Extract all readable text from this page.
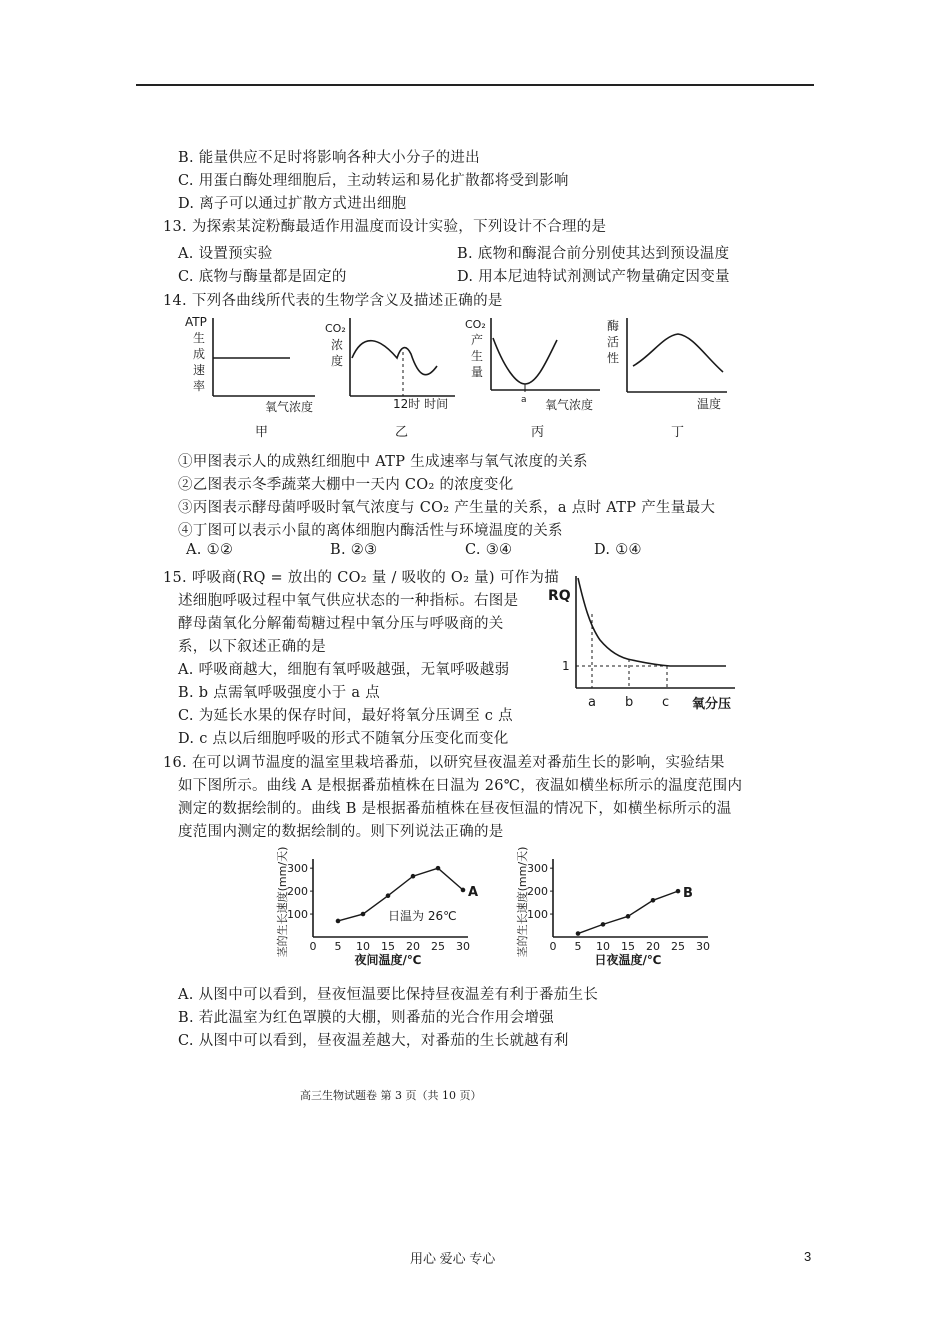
B. 能量供应不足时将影响各种大小分子的进出
C. 用蛋白酶处理细胞后，主动转运和易化扩散都将受到影响
D. 离子可以通过扩散方式进出细胞
13. 为探索某淀粉酶最适作用温度而设计实验，下列设计不合理的是
A. 设置预实验	B. 底物和酶混合前分别使其达到预设温度
C. 底物与酶量都是固定的	D. 用本尼迪特试剂测试产物量确定因变量
14. 下列各曲线所代表的生物学含义及描述正确的是
ATP
生
成
速
率
氧气浓度
甲
CO₂
浓
度
12时 时间
乙
CO₂
产
生
量
a 氧气浓度
丙
酶
活
性
温度
丁
①甲图表示人的成熟红细胞中 ATP 生成速率与氧气浓度的关系
②乙图表示冬季蔬菜大棚中一天内 CO₂ 的浓度变化
③丙图表示酵母菌呼吸时氧气浓度与 CO₂ 产生量的关系，a 点时 ATP 产生量最大
④丁图可以表示小鼠的离体细胞内酶活性与环境温度的关系
A. ①②	B. ②③	C. ③④	D. ①④
15. 呼吸商(RQ = 放出的 CO₂ 量 / 吸收的 O₂ 量) 可作为描
述细胞呼吸过程中氧气供应状态的一种指标。右图是
酵母菌氧化分解葡萄糖过程中氧分压与呼吸商的关
系，以下叙述正确的是
A. 呼吸商越大，细胞有氧呼吸越强，无氧呼吸越弱
B. b 点需氧呼吸强度小于 a 点
C. 为延长水果的保存时间，最好将氧分压调至 c 点
D. c 点以后细胞呼吸的形式不随氧分压变化而变化
RQ
1
a b c 氧分压
16. 在可以调节温度的温室里栽培番茄，以研究昼夜温差对番茄生长的影响，实验结果
如下图所示。曲线 A 是根据番茄植株在日温为 26℃，夜温如横坐标所示的温度范围内
测定的数据绘制的。曲线 B 是根据番茄植株在昼夜恒温的情况下，如横坐标所示的温
度范围内测定的数据绘制的。则下列说法正确的是
茎的生长速度(mm/天)	日温为 26℃
夜间温度/℃
0 5 10 15 20 25 30
100
200
300
A	茎的生长速度(mm/天)
日夜温度/℃
0 5 10 15 20 25 30
100
200
300
B
A. 从图中可以看到，昼夜恒温要比保持昼夜温差有利于番茄生长
B. 若此温室为红色罩膜的大棚，则番茄的光合作用会增强
C. 从图中可以看到，昼夜温差越大，对番茄的生长就越有利
高三生物试题卷 第 3 页（共 10 页）
用心 爱心 专心	3
